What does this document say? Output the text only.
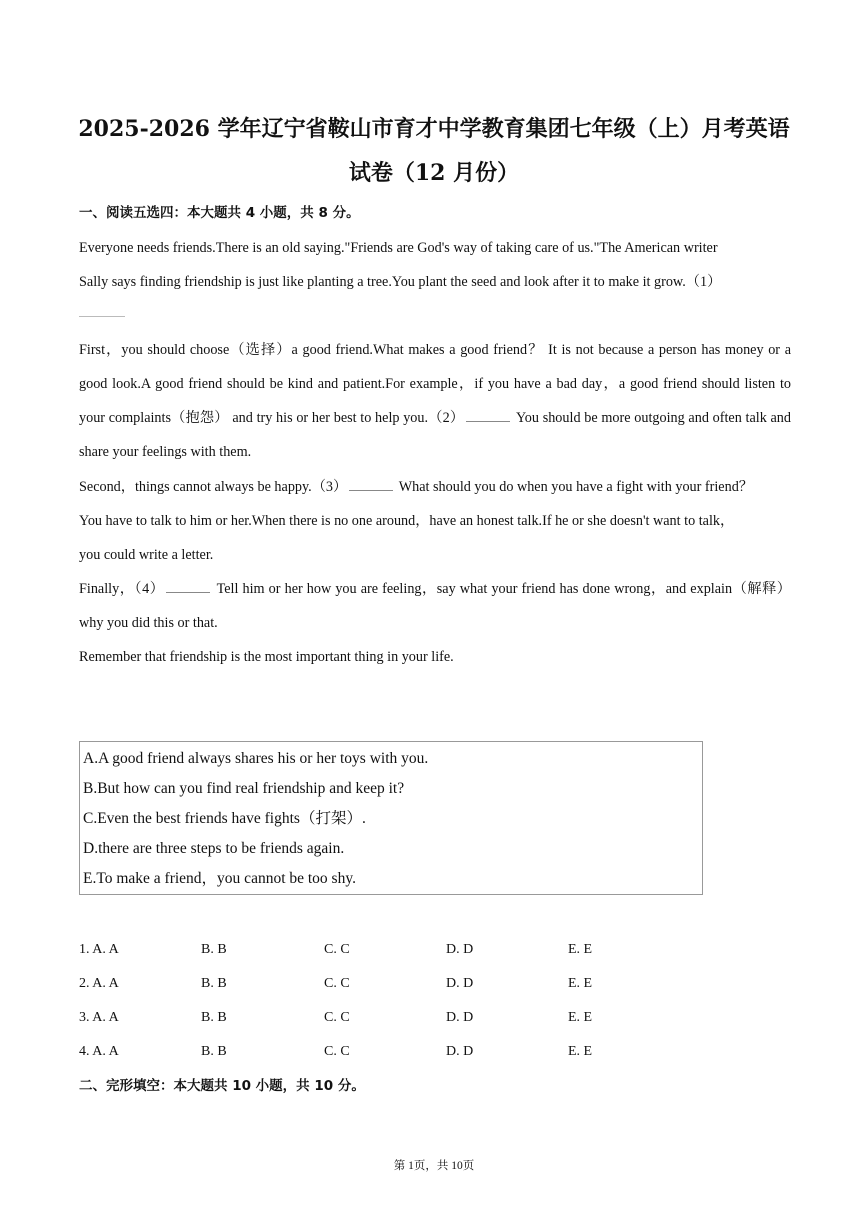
2025-2026 学年辽宁省鞍山市育才中学教育集团七年级（上）月考英语
试卷（12 月份）
一、阅读五选四：本大题共 4 小题，共 8 分。
Everyone needs friends.There is an old saying."Friends are God's way of taking care of us."The American writer
Sally says finding friendship is just like planting a tree.You plant the seed and look after it to make it grow.（1）
First，you should choose（选择）a good friend.What makes a good friend？ It is not because a person has money or a good look.A good friend should be kind and patient.For example，if you have a bad day，a good friend should listen to your complaints（抱怨） and try his or her best to help you.（2）	You should be more outgoing and often talk and share your feelings with them.
Second，things cannot always be happy.（3）	What should you do when you have a fight with your friend？
You have to talk to him or her.When there is no one around，have an honest talk.If he or she doesn't want to talk，
you could write a letter.
Finally，（4）	Tell him or her how you are feeling，say what your friend has done wrong，and explain（解释）why you did this or that.
Remember that friendship is the most important thing in your life.
A.A good friend always shares his or her toys with you.
B.But how can you find real friendship and keep it?
C.Even the best friends have fights（打架）.
D.there are three steps to be friends again.
E.To make a friend，you cannot be too shy.
1. A. A	B. B	C. C	D. D	E. E
2. A. A	B. B	C. C	D. D	E. E
3. A. A	B. B	C. C	D. D	E. E
4. A. A	B. B	C. C	D. D	E. E
二、完形填空：本大题共 10 小题，共 10 分。
第 1页，共 10页
